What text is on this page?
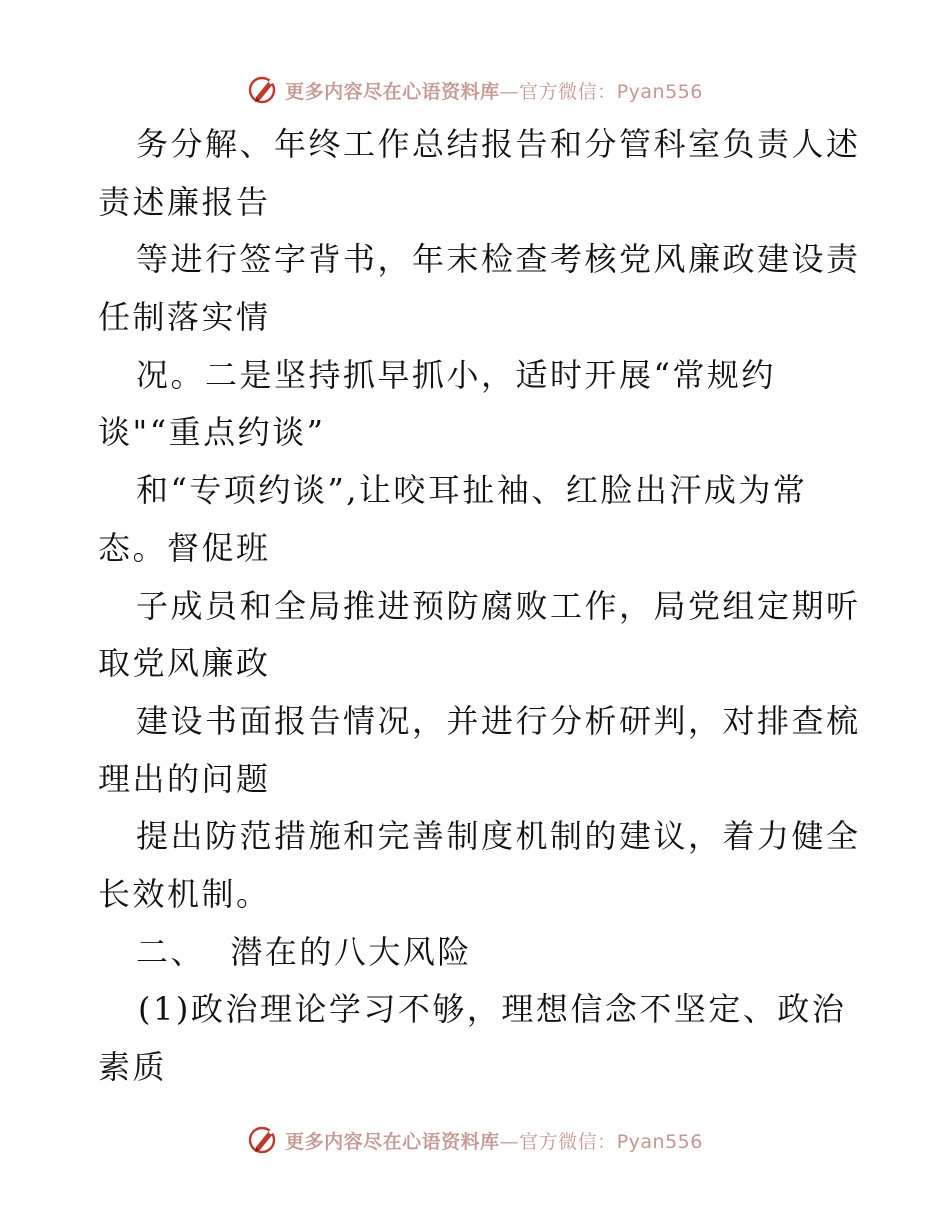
更多内容尽在心语资料库—官方微信：Pyan556
务分解、年终工作总结报告和分管科室负责人述
责述廉报告
等进行签字背书，年末检查考核党风廉政建设责
任制落实情
况。二是坚持抓早抓小，适时开展“常规约
谈"“重点约谈”
和“专项约谈”,让咬耳扯袖、红脸出汗成为常
态。督促班
子成员和全局推进预防腐败工作，局党组定期听
取党风廉政
建设书面报告情况，并进行分析研判，对排查梳
理出的问题
提出防范措施和完善制度机制的建议，着力健全
长效机制。
二、  潜在的八大风险
(1)政治理论学习不够，理想信念不坚定、政治
素质
更多内容尽在心语资料库—官方微信：Pyan556
